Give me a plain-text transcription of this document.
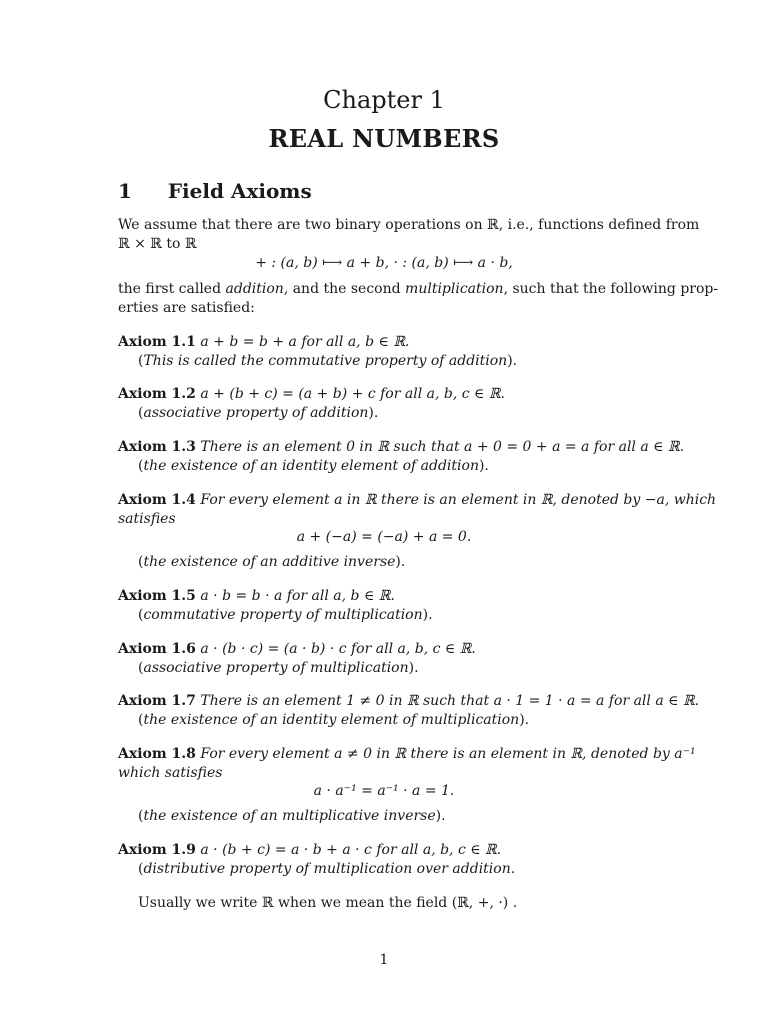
Chapter 1
REAL NUMBERS
1 Field Axioms
We assume that there are two binary operations on ℝ, i.e., functions defined from
ℝ × ℝ to ℝ
+ : (a, b) ⟼ a + b, · : (a, b) ⟼ a · b,
the first called addition, and the second multiplication, such that the following prop-
erties are satisfied:
Axiom 1.1 a + b = b + a for all a, b ∈ ℝ.
(This is called the commutative property of addition).
Axiom 1.2 a + (b + c) = (a + b) + c for all a, b, c ∈ ℝ.
(associative property of addition).
Axiom 1.3 There is an element 0 in ℝ such that a + 0 = 0 + a = a for all a ∈ ℝ.
(the existence of an identity element of addition).
Axiom 1.4 For every element a in ℝ there is an element in ℝ, denoted by −a, which
satisfies
a + (−a) = (−a) + a = 0.
(the existence of an additive inverse).
Axiom 1.5 a · b = b · a for all a, b ∈ ℝ.
(commutative property of multiplication).
Axiom 1.6 a · (b · c) = (a · b) · c for all a, b, c ∈ ℝ.
(associative property of multiplication).
Axiom 1.7 There is an element 1 ≠ 0 in ℝ such that a · 1 = 1 · a = a for all a ∈ ℝ.
(the existence of an identity element of multiplication).
Axiom 1.8 For every element a ≠ 0 in ℝ there is an element in ℝ, denoted by a⁻¹
which satisfies
a · a⁻¹ = a⁻¹ · a = 1.
(the existence of an multiplicative inverse).
Axiom 1.9 a · (b + c) = a · b + a · c for all a, b, c ∈ ℝ.
(distributive property of multiplication over addition.
Usually we write ℝ when we mean the field (ℝ, +, ·) .
1
